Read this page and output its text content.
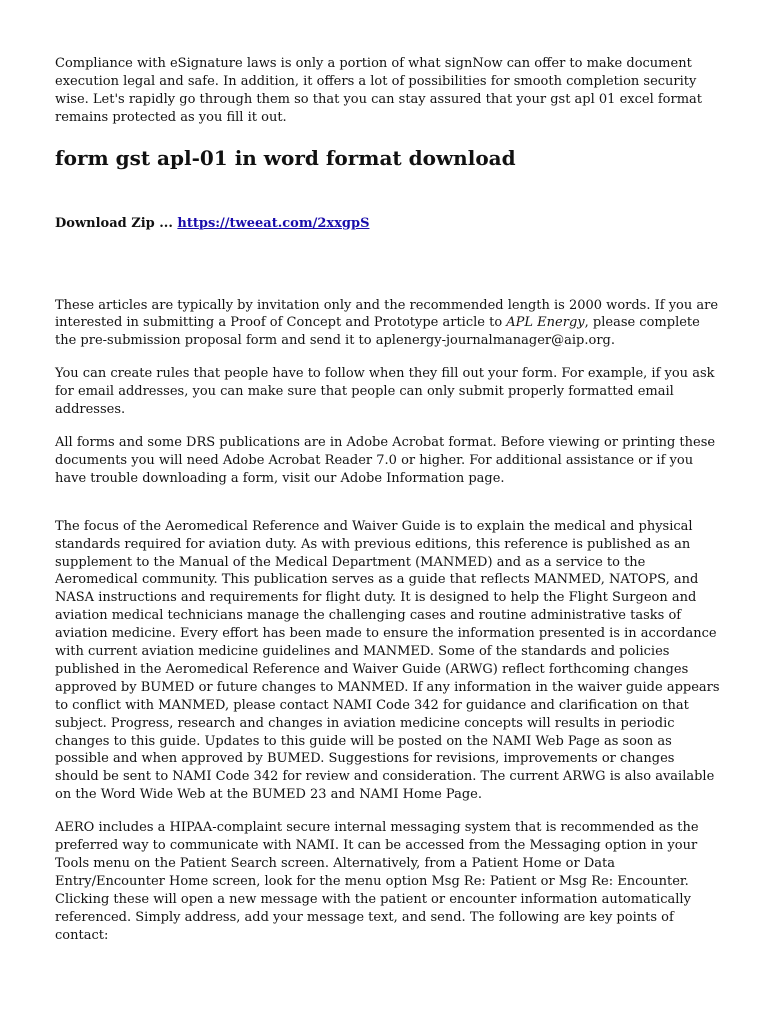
Compliance with eSignature laws is only a portion of what signNow can offer to make document execution legal and safe. In addition, it offers a lot of possibilities for smooth completion security wise. Let's rapidly go through them so that you can stay assured that your gst apl 01 excel format remains protected as you fill it out.

form gst apl-01 in word format download
Download Zip ... https://tweeat.com/2xxgpS

These articles are typically by invitation only and the recommended length is 2000 words. If you are interested in submitting a Proof of Concept and Prototype article to APL Energy, please complete the pre-submission proposal form and send it to aplenergy-journalmanager@aip.org.

You can create rules that people have to follow when they fill out your form. For example, if you ask for email addresses, you can make sure that people can only submit properly formatted email addresses.

All forms and some DRS publications are in Adobe Acrobat format. Before viewing or printing these documents you will need Adobe Acrobat Reader 7.0 or higher. For additional assistance or if you have trouble downloading a form, visit our Adobe Information page.

The focus of the Aeromedical Reference and Waiver Guide is to explain the medical and physical standards required for aviation duty. As with previous editions, this reference is published as an supplement to the Manual of the Medical Department (MANMED) and as a service to the Aeromedical community. This publication serves as a guide that reflects MANMED, NATOPS, and NASA instructions and requirements for flight duty. It is designed to help the Flight Surgeon and aviation medical technicians manage the challenging cases and routine administrative tasks of aviation medicine. Every effort has been made to ensure the information presented is in accordance with current aviation medicine guidelines and MANMED. Some of the standards and policies published in the Aeromedical Reference and Waiver Guide (ARWG) reflect forthcoming changes approved by BUMED or future changes to MANMED. If any information in the waiver guide appears to conflict with MANMED, please contact NAMI Code 342 for guidance and clarification on that subject. Progress, research and changes in aviation medicine concepts will results in periodic changes to this guide. Updates to this guide will be posted on the NAMI Web Page as soon as possible and when approved by BUMED. Suggestions for revisions, improvements or changes should be sent to NAMI Code 342 for review and consideration. The current ARWG is also available on the Word Wide Web at the BUMED 23 and NAMI Home Page.

AERO includes a HIPAA-complaint secure internal messaging system that is recommended as the preferred way to communicate with NAMI. It can be accessed from the Messaging option in your Tools menu on the Patient Search screen. Alternatively, from a Patient Home or Data Entry/Encounter Home screen, look for the menu option Msg Re: Patient or Msg Re: Encounter. Clicking these will open a new message with the patient or encounter information automatically referenced. Simply address, add your message text, and send. The following are key points of contact:
